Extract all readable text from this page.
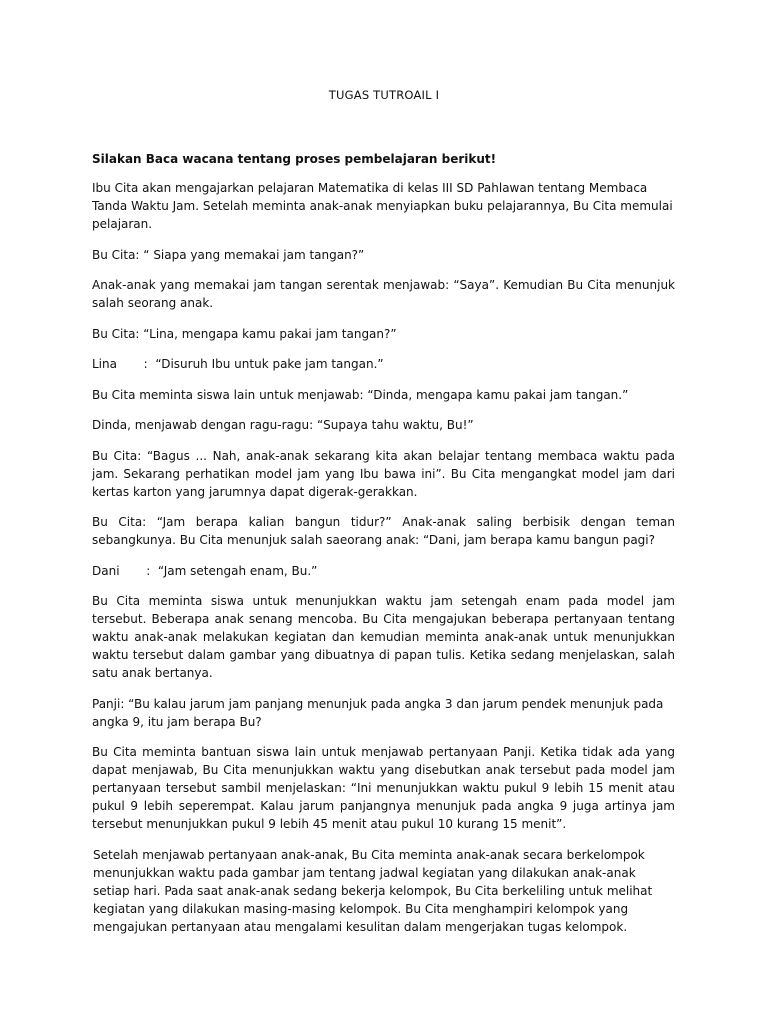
TUGAS TUTROAIL I

Silakan Baca wacana tentang proses pembelajaran berikut!

Ibu Cita akan mengajarkan pelajaran Matematika di kelas III SD Pahlawan tentang Membaca Tanda Waktu Jam. Setelah meminta anak-anak menyiapkan buku pelajarannya, Bu Cita memulai pelajaran.

Bu Cita: “ Siapa yang memakai jam tangan?”

Anak-anak yang memakai jam tangan serentak menjawab: “Saya”. Kemudian Bu Cita menunjuk salah seorang anak.

Bu Cita: “Lina, mengapa kamu pakai jam tangan?”

Lina       :  “Disuruh Ibu untuk pake jam tangan.”

Bu Cita meminta siswa lain untuk menjawab: “Dinda, mengapa kamu pakai jam tangan.”

Dinda, menjawab dengan ragu-ragu: “Supaya tahu waktu, Bu!”

Bu Cita: “Bagus ... Nah, anak-anak sekarang kita akan belajar tentang membaca waktu pada jam. Sekarang perhatikan model jam yang Ibu bawa ini”. Bu Cita mengangkat model jam dari kertas karton yang jarumnya dapat digerak-gerakkan.

Bu Cita: “Jam berapa kalian bangun tidur?” Anak-anak saling berbisik dengan teman sebangkunya. Bu Cita menunjuk salah saeorang anak: “Dani, jam berapa kamu bangun pagi?

Dani       :  “Jam setengah enam, Bu.”

Bu Cita meminta siswa untuk menunjukkan waktu jam setengah enam pada model jam tersebut. Beberapa anak senang mencoba. Bu Cita mengajukan beberapa pertanyaan tentang waktu anak-anak melakukan kegiatan dan kemudian meminta anak-anak untuk menunjukkan waktu tersebut dalam gambar yang dibuatnya di papan tulis. Ketika sedang menjelaskan, salah satu anak bertanya.

Panji: “Bu kalau jarum jam panjang menunjuk pada angka 3 dan jarum pendek menunjuk pada angka 9, itu jam berapa Bu?

Bu Cita meminta bantuan siswa lain untuk menjawab pertanyaan Panji. Ketika tidak ada yang dapat menjawab, Bu Cita menunjukkan waktu yang disebutkan anak tersebut pada model jam pertanyaan tersebut sambil menjelaskan: “Ini menunjukkan waktu pukul 9 lebih 15 menit atau pukul 9 lebih seperempat. Kalau jarum panjangnya menunjuk pada angka 9 juga artinya jam tersebut menunjukkan pukul 9 lebih 45 menit atau pukul 10 kurang 15 menit”.

Setelah menjawab pertanyaan anak-anak, Bu Cita meminta anak-anak secara berkelompok menunjukkan waktu pada gambar jam tentang jadwal kegiatan yang dilakukan anak-anak setiap hari. Pada saat anak-anak sedang bekerja kelompok, Bu Cita berkeliling untuk melihat kegiatan yang dilakukan masing-masing kelompok. Bu Cita menghampiri kelompok yang mengajukan pertanyaan atau mengalami kesulitan dalam mengerjakan tugas kelompok.
